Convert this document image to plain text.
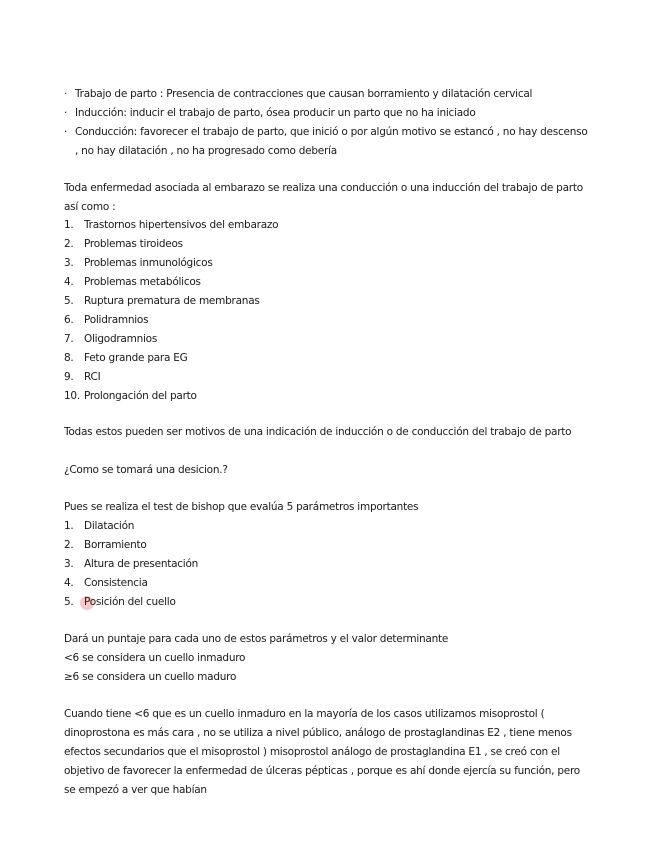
· Trabajo de parto : Presencia de contracciones que causan borramiento y dilatación cervical
· Inducción: inducir el trabajo de parto, ósea producir un parto que no ha iniciado
· Conducción: favorecer el trabajo de parto, que inició o por algún motivo se estancó , no hay descenso , no hay dilatación , no ha progresado como debería

Toda enfermedad asociada al embarazo se realiza una conducción o una inducción del trabajo de parto así como :

1. Trastornos hipertensivos del embarazo
2. Problemas tiroideos
3. Problemas inmunológicos
4. Problemas metabólicos
5. Ruptura prematura de membranas
6. Polidramnios
7. Oligodramnios
8. Feto grande para EG
9. RCI
10. Prolongación del parto

Todas estos pueden ser motivos de una indicación de inducción o de conducción del trabajo de parto

¿Como se tomará una desicion.?

Pues se realiza el test de bishop que evalúa 5 parámetros importantes

1. Dilatación
2. Borramiento
3. Altura de presentación
4. Consistencia
5. Posición del cuello

Dará un puntaje para cada uno de estos parámetros y el valor determinante

<6 se considera un cuello inmaduro

≥6 se considera un cuello maduro

Cuando tiene <6 que es un cuello inmaduro en la mayoría de los casos utilizamos misoprostol ( dinoprostona es más cara , no se utiliza a nivel público, análogo de prostaglandinas E2 , tiene menos efectos secundarios que el misoprostol ) misoprostol análogo de prostaglandina E1 , se creó con el objetivo de favorecer la enfermedad de úlceras pépticas , porque es ahí donde ejercía su función, pero se empezó a ver que habían
